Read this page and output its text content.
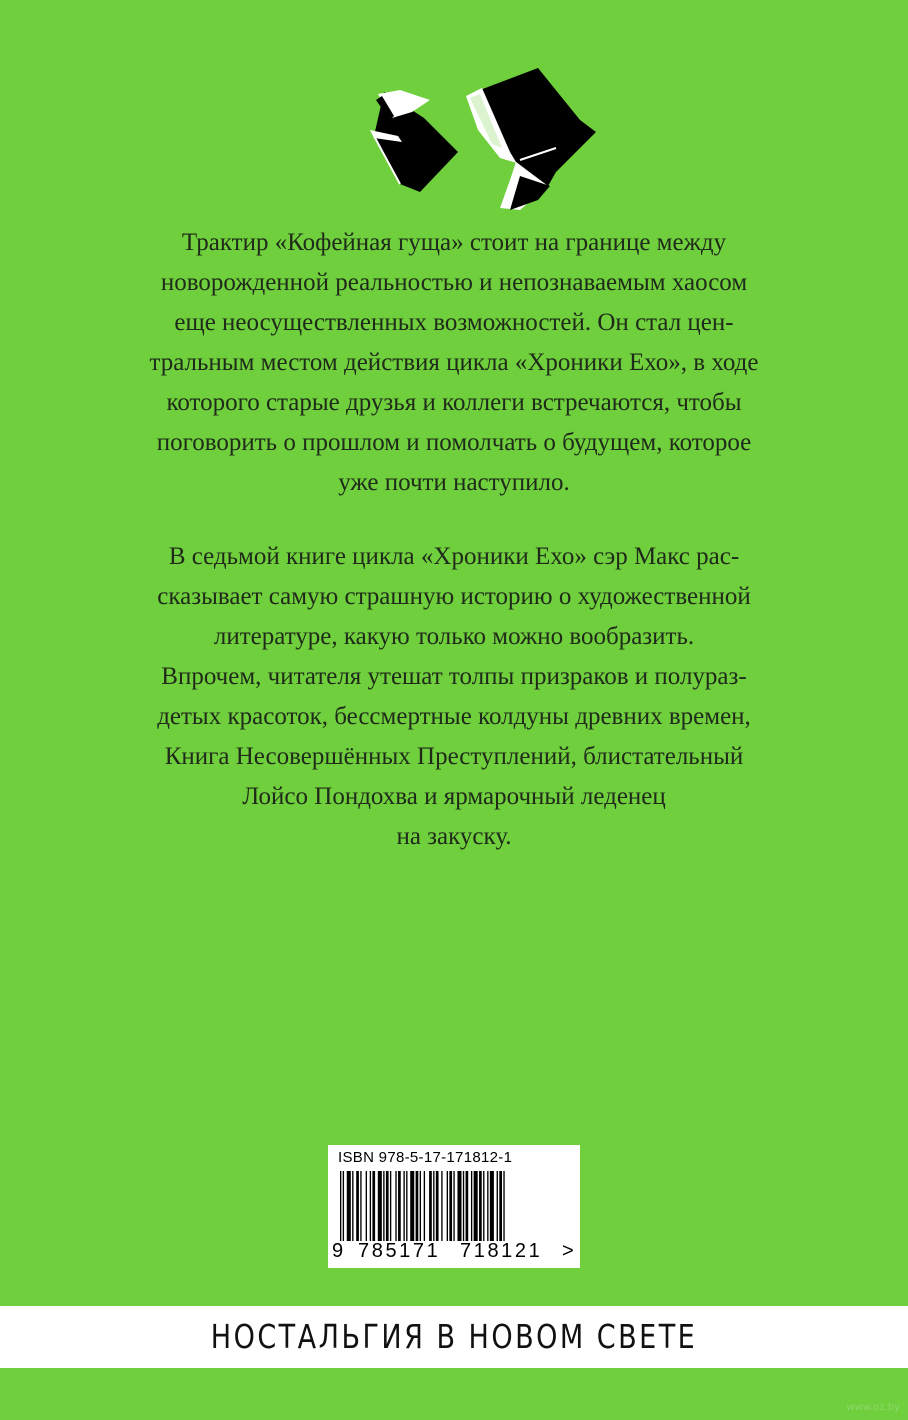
Трактир «Кофейная гуща» стоит на границе между
новорожденной реальностью и непознаваемым хаосом
еще неосуществленных возможностей. Он стал цен-
тральным местом действия цикла «Хроники Ехо», в ходе
которого старые друзья и коллеги встречаются, чтобы
поговорить о прошлом и помолчать о будущем, которое
уже почти наступило.

В седьмой книге цикла «Хроники Ехо» сэр Макс рас-
сказывает самую страшную историю о художественной
литературе, какую только можно вообразить.
Впрочем, читателя утешат толпы призраков и полураз-
детых красоток, бессмертные колдуны древних времен,
Книга Несовершённых Преступлений, блистательный
Лойсо Пондохва и ярмарочный леденец
на закуску.

ISBN 978-5-17-171812-1
9 785171 718121 >
НОСТАЛЬГИЯ В НОВОМ СВЕТЕ
www.oz.by
